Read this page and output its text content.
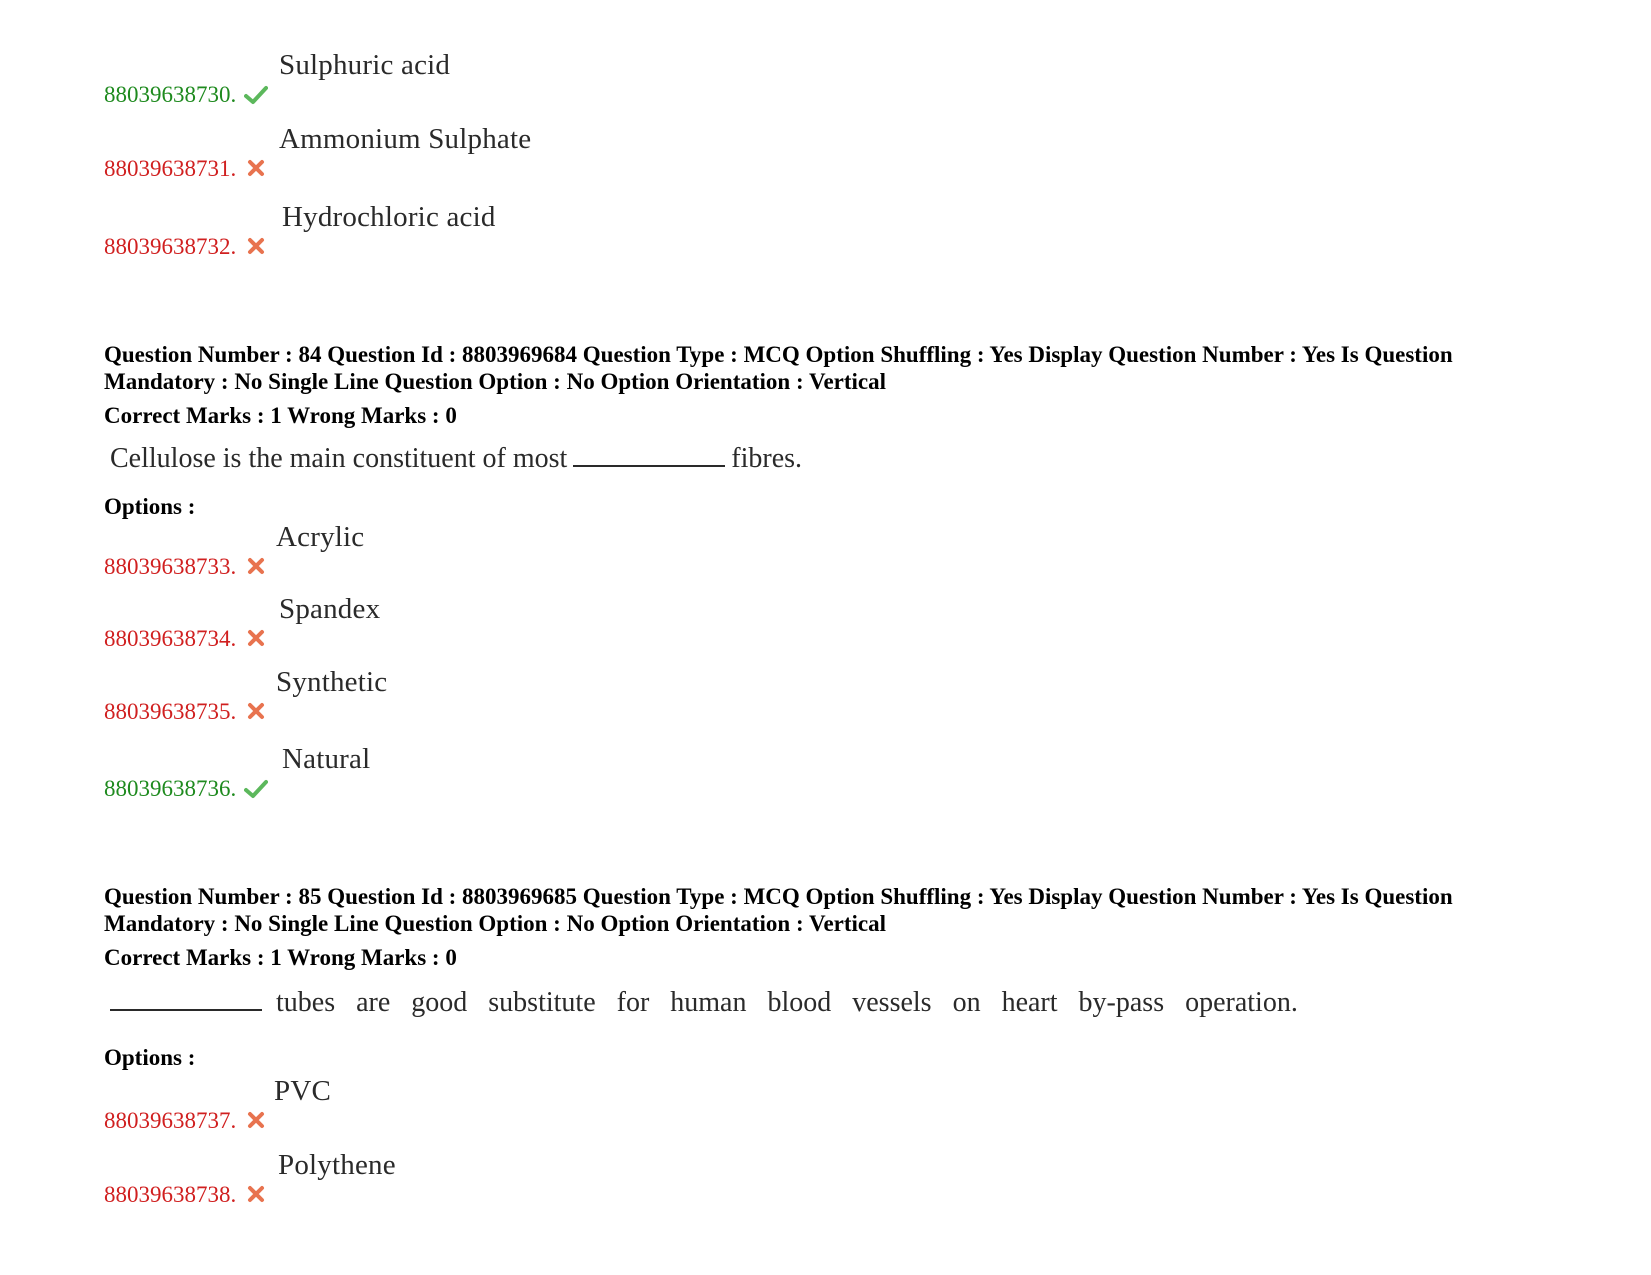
88039638730.
Sulphuric acid
88039638731.
Ammonium Sulphate
88039638732.
Hydrochloric acid
Question Number : 84 Question Id : 8803969684 Question Type : MCQ Option Shuffling : Yes Display Question Number : Yes Is Question Mandatory : No Single Line Question Option : No Option Orientation : Vertical
Correct Marks : 1 Wrong Marks : 0
Cellulose is the main constituent of most	fibres.
Options :
88039638733.
Acrylic
88039638734.
Spandex
88039638735.
Synthetic
88039638736.
Natural
Question Number : 85 Question Id : 8803969685 Question Type : MCQ Option Shuffling : Yes Display Question Number : Yes Is Question Mandatory : No Single Line Question Option : No Option Orientation : Vertical
Correct Marks : 1 Wrong Marks : 0
tubes are good substitute for human blood vessels on heart by-pass operation.
Options :
88039638737.
PVC
88039638738.
Polythene
